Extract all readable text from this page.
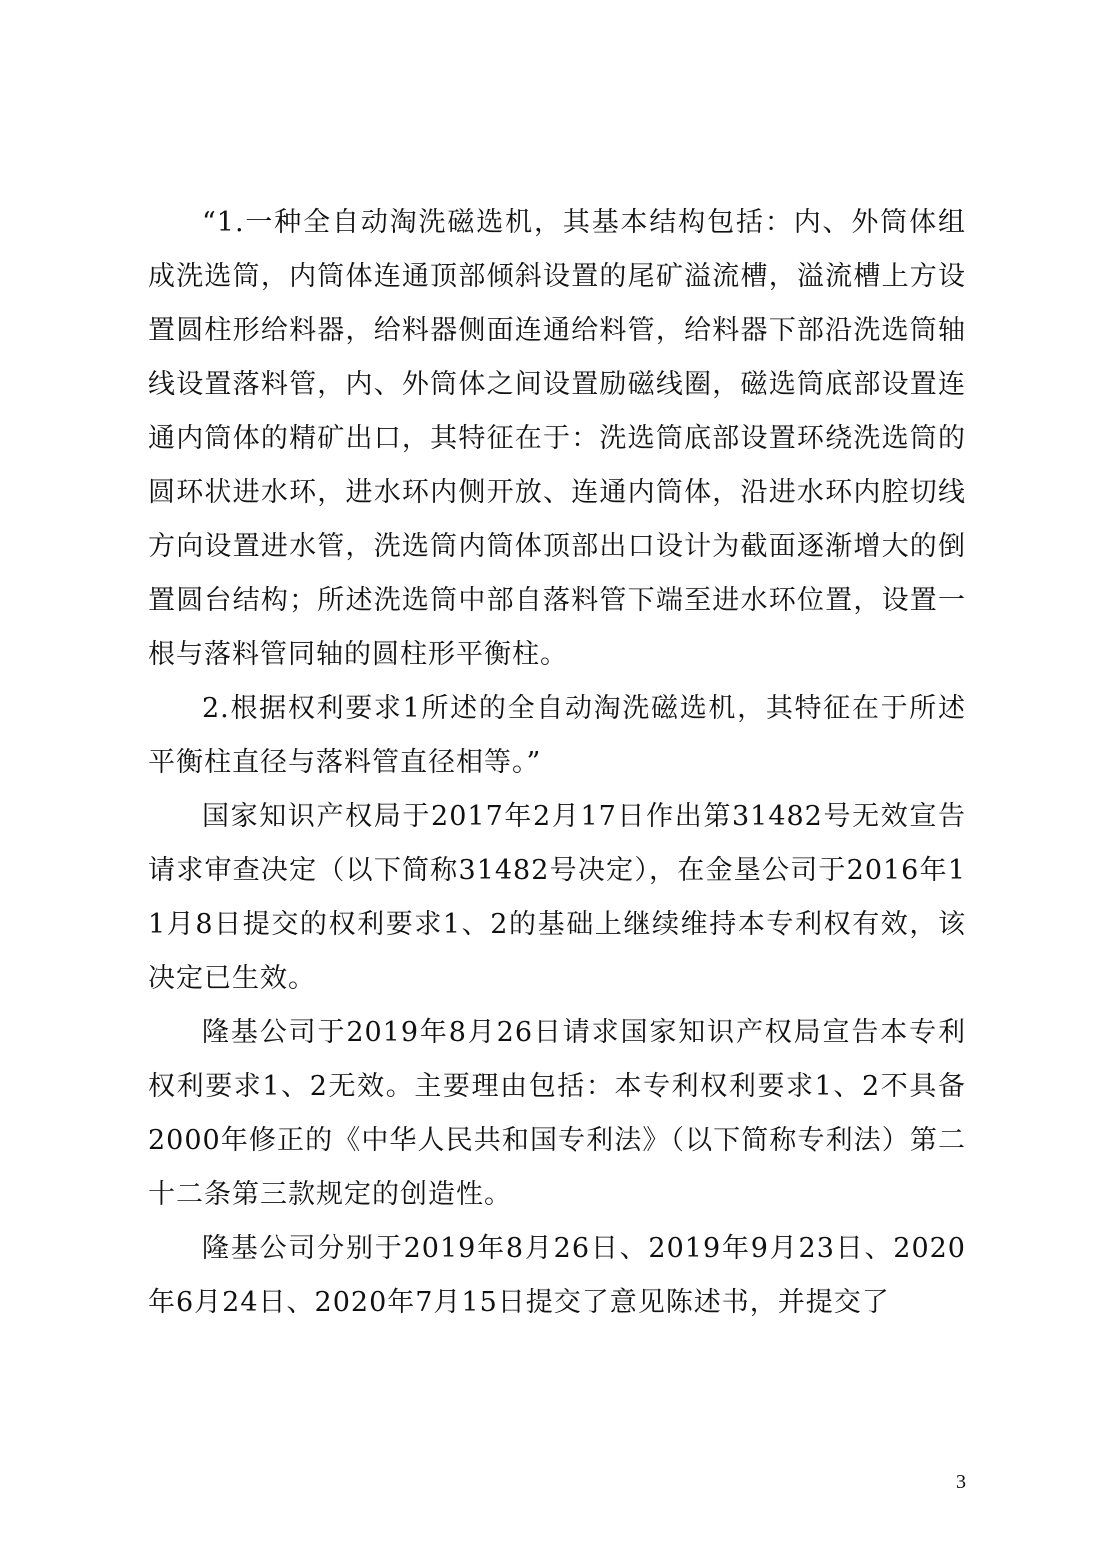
“1.一种全自动淘洗磁选机，其基本结构包括：内、外筒体组成洗选筒，内筒体连通顶部倾斜设置的尾矿溢流槽，溢流槽上方设置圆柱形给料器，给料器侧面连通给料管，给料器下部沿洗选筒轴线设置落料管，内、外筒体之间设置励磁线圈，磁选筒底部设置连通内筒体的精矿出口，其特征在于：洗选筒底部设置环绕洗选筒的圆环状进水环，进水环内侧开放、连通内筒体，沿进水环内腔切线方向设置进水管，洗选筒内筒体顶部出口设计为截面逐渐增大的倒置圆台结构；所述洗选筒中部自落料管下端至进水环位置，设置一根与落料管同轴的圆柱形平衡柱。

2.根据权利要求1所述的全自动淘洗磁选机，其特征在于所述平衡柱直径与落料管直径相等。”

国家知识产权局于2017年2月17日作出第31482号无效宣告请求审查决定（以下简称31482号决定），在金垦公司于2016年11月8日提交的权利要求1、2的基础上继续维持本专利权有效，该决定已生效。

隆基公司于2019年8月26日请求国家知识产权局宣告本专利权利要求1、2无效。主要理由包括：本专利权利要求1、2不具备2000年修正的《中华人民共和国专利法》（以下简称专利法）第二十二条第三款规定的创造性。

隆基公司分别于2019年8月26日、2019年9月23日、2020年6月24日、2020年7月15日提交了意见陈述书，并提交了

3
